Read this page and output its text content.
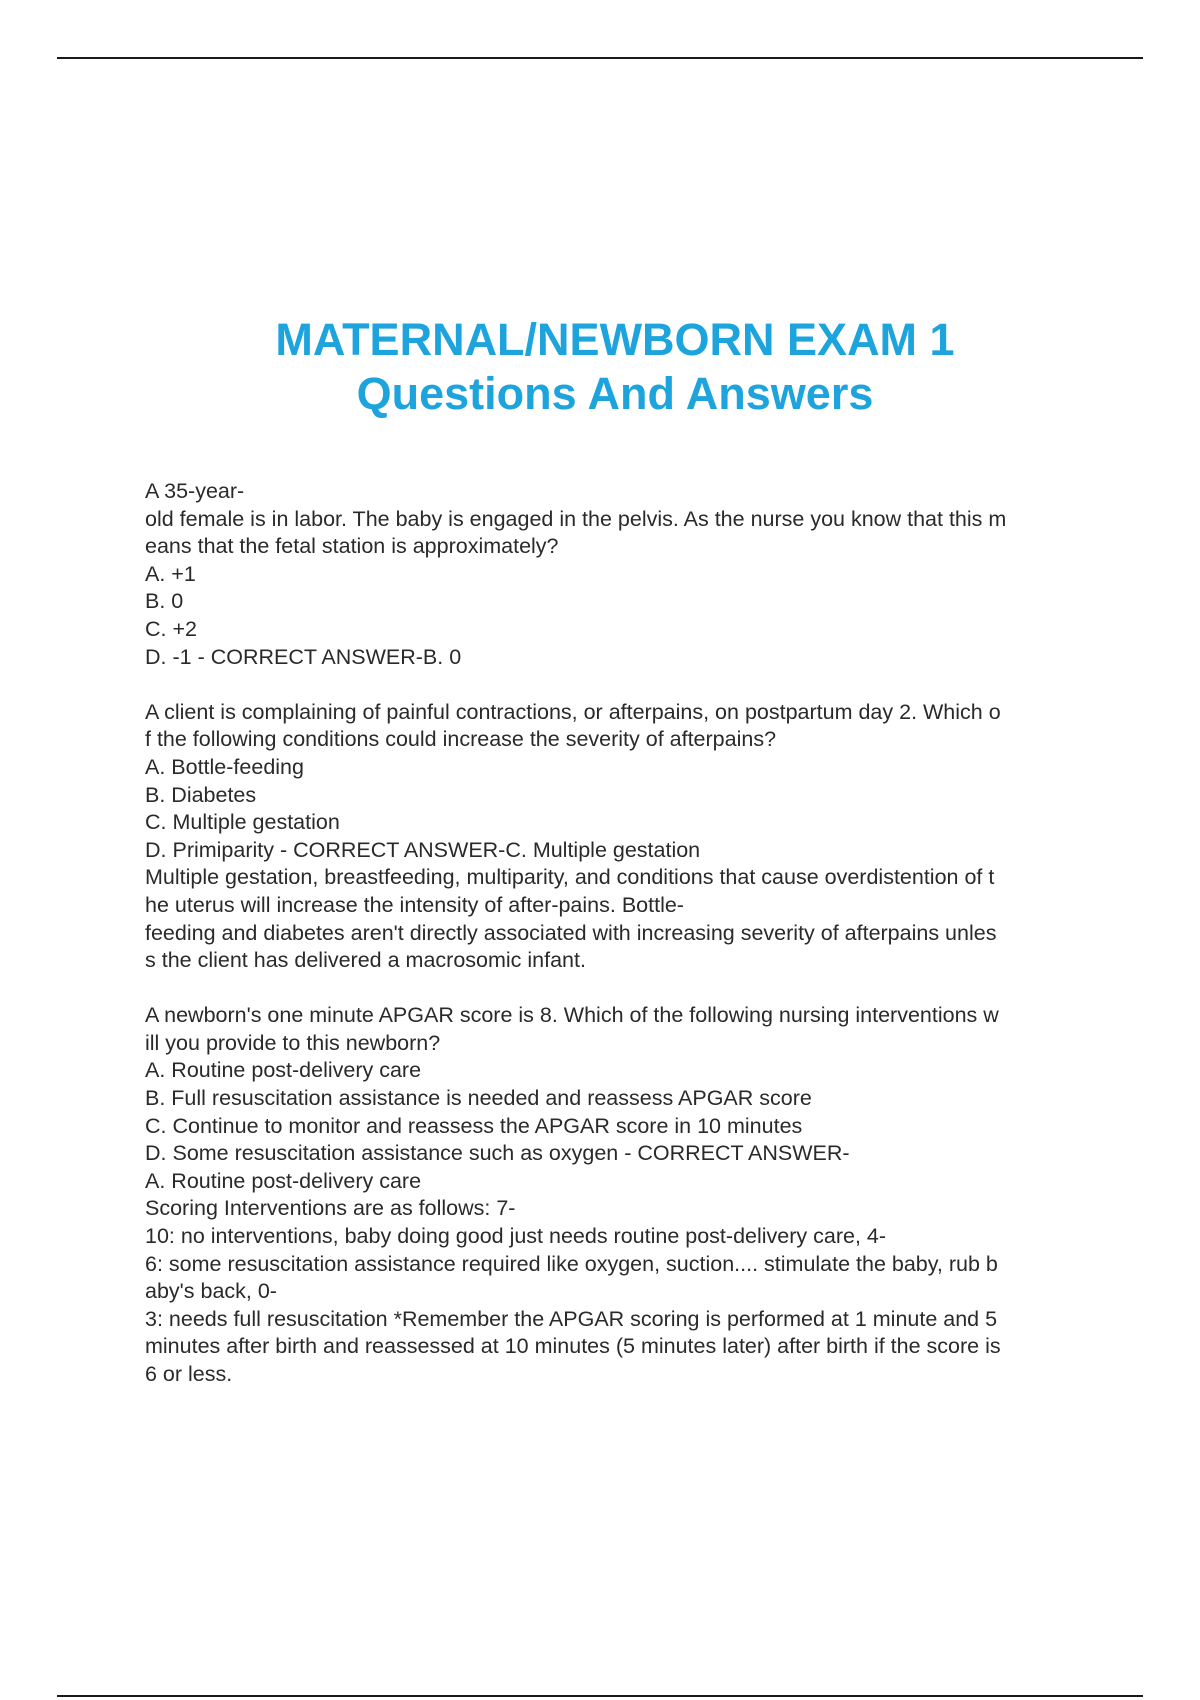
MATERNAL/NEWBORN EXAM 1
Questions And Answers
A 35-year-
old female is in labor. The baby is engaged in the pelvis. As the nurse you know that this m
eans that the fetal station is approximately?
A. +1
B. 0
C. +2
D. -1 - CORRECT ANSWER-B. 0
A client is complaining of painful contractions, or afterpains, on postpartum day 2. Which o
f the following conditions could increase the severity of afterpains?
A. Bottle-feeding
B. Diabetes
C. Multiple gestation
D. Primiparity - CORRECT ANSWER-C. Multiple gestation
Multiple gestation, breastfeeding, multiparity, and conditions that cause overdistention of t
he uterus will increase the intensity of after-pains. Bottle-
feeding and diabetes aren't directly associated with increasing severity of afterpains unles
s the client has delivered a macrosomic infant.
A newborn's one minute APGAR score is 8. Which of the following nursing interventions w
ill you provide to this newborn?
A. Routine post-delivery care
B. Full resuscitation assistance is needed and reassess APGAR score
C. Continue to monitor and reassess the APGAR score in 10 minutes
D. Some resuscitation assistance such as oxygen - CORRECT ANSWER-
A. Routine post-delivery care
Scoring Interventions are as follows: 7-
10: no interventions, baby doing good just needs routine post-delivery care, 4-
6: some resuscitation assistance required like oxygen, suction.... stimulate the baby, rub b
aby's back, 0-
3: needs full resuscitation *Remember the APGAR scoring is performed at 1 minute and 5
minutes after birth and reassessed at 10 minutes (5 minutes later) after birth if the score is
6 or less.
